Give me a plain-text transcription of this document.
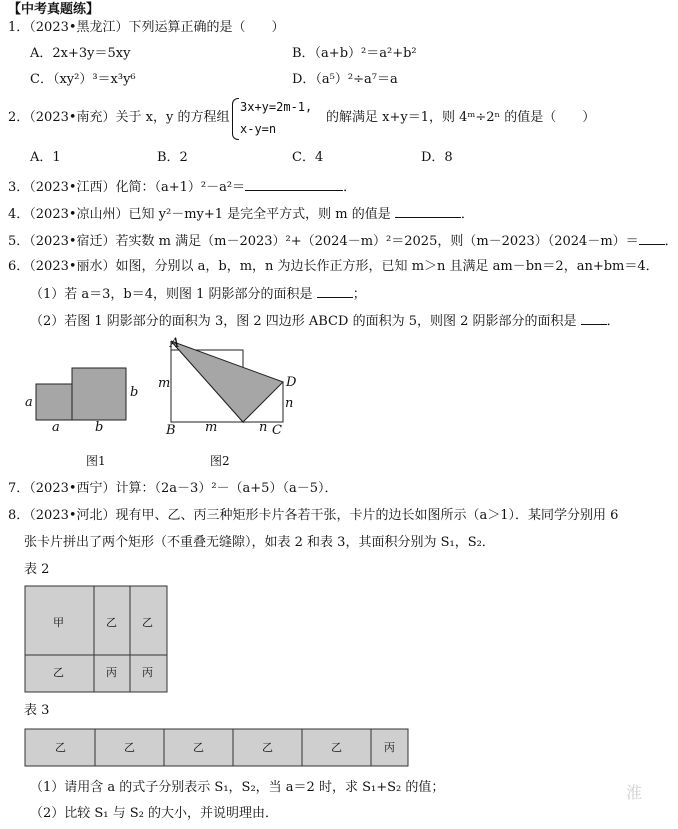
【中考真题练】
1．（2023•黑龙江）下列运算正确的是（　　）
A．2x+3y＝5xy	B．（a+b）²＝a²+b²
C．（xy²）³＝x³y⁶	D．（a⁵）²÷a⁷＝a
2．（2023•南充）关于 x，y 的方程组
3x+y=2m-1,
x-y=n
的解满足 x+y＝1，则 4ᵐ÷2ⁿ 的值是（　　）
A．1	B．2	C．4	D．8
3．（2023•江西）化简：（a+1）²－a²＝	．
4．（2023•凉山州）已知 y²－my+1 是完全平方式，则 m 的值是	．
5．（2023•宿迁）若实数 m 满足（m－2023）²+（2024－m）²＝2025，则（m－2023）（2024－m）＝ ．
6．（2023•丽水）如图，分别以 a，b，m，n 为边长作正方形，已知 m＞n 且满足 am－bn＝2，an+bm＝4．
（1）若 a＝3，b＝4，则图 1 阴影部分的面积是	；
（2）若图 1 阴影部分的面积为 3，图 2 四边形 ABCD 的面积为 5，则图 2 阴影部分的面积是 ．
a
b
a	b
图1
A
m	D
n
B m	n C
图2
7．（2023•西宁）计算：（2a－3）²－（a+5）（a－5）．
8．（2023•河北）现有甲、乙、丙三种矩形卡片各若干张，卡片的边长如图所示（a＞1）．某同学分别用 6
张卡片拼出了两个矩形（不重叠无缝隙），如表 2 和表 3，其面积分别为 S₁，S₂．
表 2
甲	乙 乙
乙	丙 丙
表 3
乙	乙	乙	乙	乙	丙
（1）请用含 a 的式子分别表示 S₁，S₂，当 a＝2 时，求 S₁+S₂ 的值；
（2）比较 S₁ 与 S₂ 的大小，并说明理由．
淮
